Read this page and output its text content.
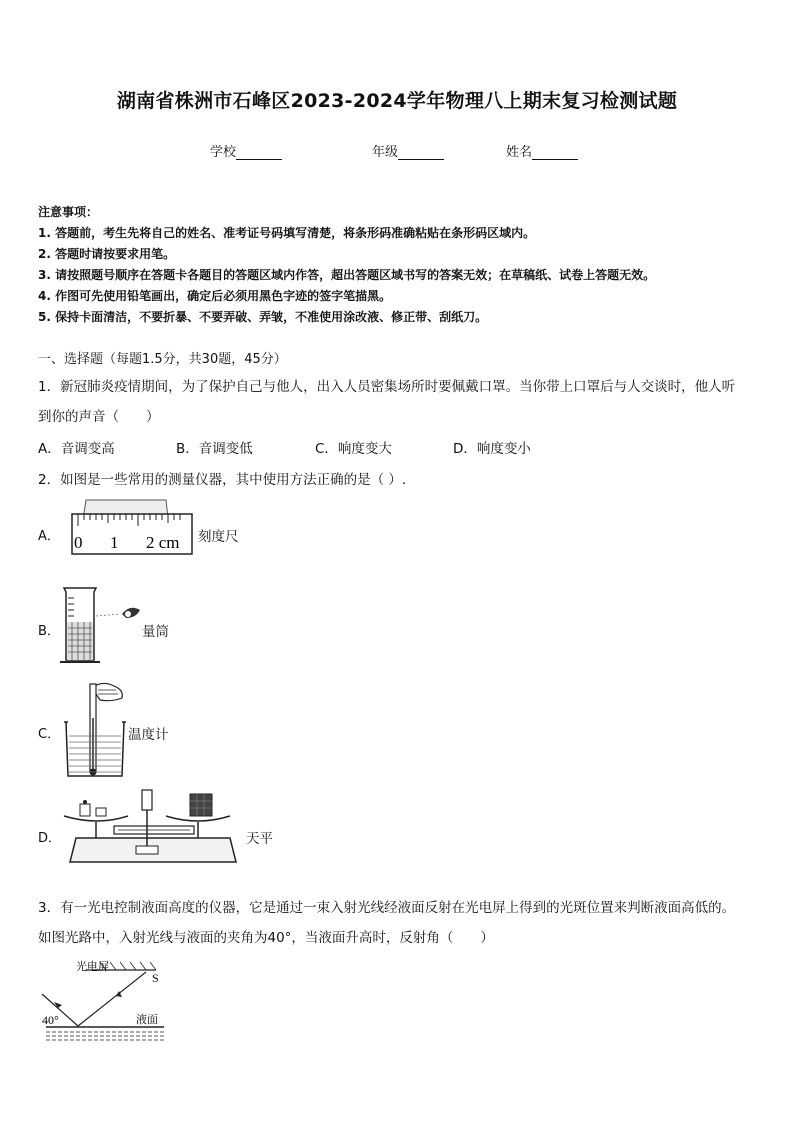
湖南省株洲市石峰区2023-2024学年物理八上期末复习检测试题
学校	年级	姓名
注意事项：
1. 答题前，考生先将自己的姓名、准考证号码填写清楚，将条形码准确粘贴在条形码区域内。
2. 答题时请按要求用笔。
3. 请按照题号顺序在答题卡各题目的答题区域内作答，超出答题区域书写的答案无效；在草稿纸、试卷上答题无效。
4. 作图可先使用铅笔画出，确定后必须用黑色字迹的签字笔描黑。
5. 保持卡面清洁，不要折暴、不要弄破、弄皱，不准使用涂改液、修正带、刮纸刀。
一、选择题（每题1.5分，共30题，45分）
1．新冠肺炎疫情期间，为了保护自己与他人，出入人员密集场所时要佩戴口罩。当你带上口罩后与人交谈时，他人听
到你的声音（　　）
A．音调变高	B．音调变低	C．响度变大	D．响度变小
2．如图是一些常用的测量仪器，其中使用方法正确的是（ ）.
A． 0 1 2 cm 刻度尺
B．	量筒
C．	温度计
D．	天平
3．有一光电控制液面高度的仪器，它是通过一束入射光线经液面反射在光电屏上得到的光斑位置来判断液面高低的。
如图光路中，入射光线与液面的夹角为40°，当液面升高时，反射角（　　）
光电屏
S
40°	液面
